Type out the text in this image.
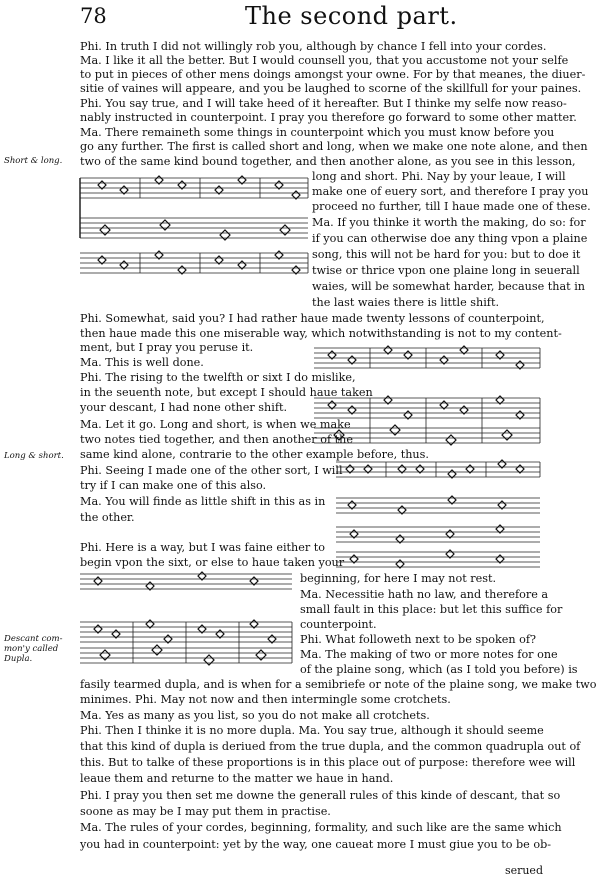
78	The second part.
Short & long.
Long & short.
Descant com-mon'y called Dupla.
Phi. In truth I did not willingly rob you, although by chance I fell into your cordes.
Ma. I like it all the better. But I would counsell you, that you accustome not your selfe
to put in pieces of other mens doings amongst your owne. For by that meanes, the diuer-
sitie of vaines will appeare, and you be laughed to scorne of the skillfull for your paines.
Phi. You say true, and I will take heed of it hereafter. But I thinke my selfe now reaso-
nably instructed in counterpoint. I pray you therefore go forward to some other matter.
Ma. There remaineth some things in counterpoint which you must know before you
go any further. The first is called short and long, when we make one note alone, and then
two of the same kind bound together, and then another alone, as you see in this lesson,
long and short. Phi. Nay by your leaue, I will
make one of euery sort, and therefore I pray you
proceed no further, till I haue made one of these.
Ma. If you thinke it worth the making, do so: for
if you can otherwise doe any thing vpon a plaine
song, this will not be hard for you: but to doe it
twise or thrice vpon one plaine long in seuerall
waies, will be somewhat harder, because that in
the last waies there is little shift.
Phi. Somewhat, said you? I had rather haue made twenty lessons of counterpoint,
then haue made this one miserable way, which notwithstanding is not to my content-
ment, but I pray you peruse it.
Ma. This is well done.
Phi. The rising to the twelfth or sixt I do mislike,
in the seuenth note, but except I should haue taken
your descant, I had none other shift.
Ma. Let it go. Long and short, is when we make
two notes tied together, and then another of the
same kind alone, contrarie to the other example before, thus.
Phi. Seeing I made one of the other sort, I will
try if I can make one of this also.
Ma. You will finde as little shift in this as in
the other.
Phi. Here is a way, but I was faine either to
begin vpon the sixt, or else to haue taken your
beginning, for here I may not rest.
Ma. Necessitie hath no law, and therefore a
small fault in this place: but let this suffice for
counterpoint.
Phi. What followeth next to be spoken of?
Ma. The making of two or more notes for one
of the plaine song, which (as I told you before) is
fasily tearmed dupla, and is when for a semibriefe or note of the plaine song, we make two
minimes. Phi. May not now and then intermingle some crotchets.
Ma. Yes as many as you list, so you do not make all crotchets.
Phi. Then I thinke it is no more dupla. Ma. You say true, although it should seeme
that this kind of dupla is deriued from the true dupla, and the common quadrupla out of
this. But to talke of these proportions is in this place out of purpose: therefore wee will
leaue them and returne to the matter we haue in hand.
Phi. I pray you then set me downe the generall rules of this kinde of descant, that so
soone as may be I may put them in practise.
Ma. The rules of your cordes, beginning, formality, and such like are the same which
you had in counterpoint: yet by the way, one caueat more I must giue you to be ob-
serued
